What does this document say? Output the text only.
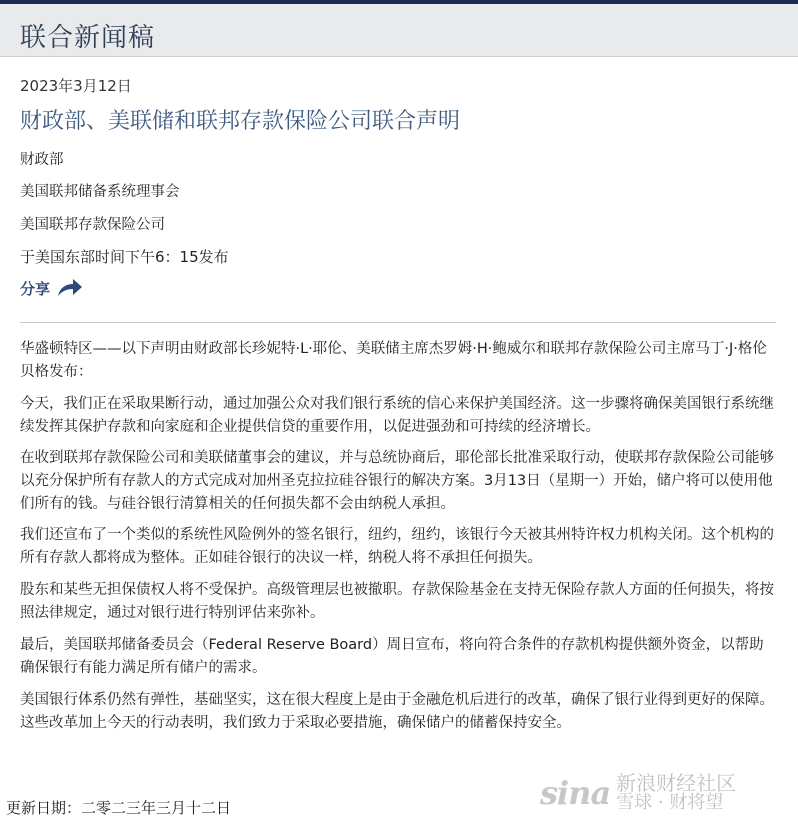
联合新闻稿
2023年3月12日
财政部、美联储和联邦存款保险公司联合声明
财政部
美国联邦储备系统理事会
美国联邦存款保险公司
于美国东部时间下午6：15发布
分享

华盛顿特区——以下声明由财政部长珍妮特·L·耶伦、美联储主席杰罗姆·H·鲍威尔和联邦存款保险公司主席马丁·J·格伦贝格发布：

今天，我们正在采取果断行动，通过加强公众对我们银行系统的信心来保护美国经济。这一步骤将确保美国银行系统继续发挥其保护存款和向家庭和企业提供信贷的重要作用，以促进强劲和可持续的经济增长。

在收到联邦存款保险公司和美联储董事会的建议，并与总统协商后，耶伦部长批准采取行动，使联邦存款保险公司能够以充分保护所有存款人的方式完成对加州圣克拉拉硅谷银行的解决方案。3月13日（星期一）开始，储户将可以使用他们所有的钱。与硅谷银行清算相关的任何损失都不会由纳税人承担。

我们还宣布了一个类似的系统性风险例外的签名银行，纽约，纽约，该银行今天被其州特许权力机构关闭。这个机构的所有存款人都将成为整体。正如硅谷银行的决议一样，纳税人将不承担任何损失。

股东和某些无担保债权人将不受保护。高级管理层也被撤职。存款保险基金在支持无保险存款人方面的任何损失，将按照法律规定，通过对银行进行特别评估来弥补。

最后，美国联邦储备委员会（Federal Reserve Board）周日宣布，将向符合条件的存款机构提供额外资金，以帮助确保银行有能力满足所有储户的需求。

美国银行体系仍然有弹性，基础坚实，这在很大程度上是由于金融危机后进行的改革，确保了银行业得到更好的保障。这些改革加上今天的行动表明，我们致力于采取必要措施，确保储户的储蓄保持安全。

sina 新浪财经社区
雪球 · 财将望
更新日期：二零二三年三月十二日
